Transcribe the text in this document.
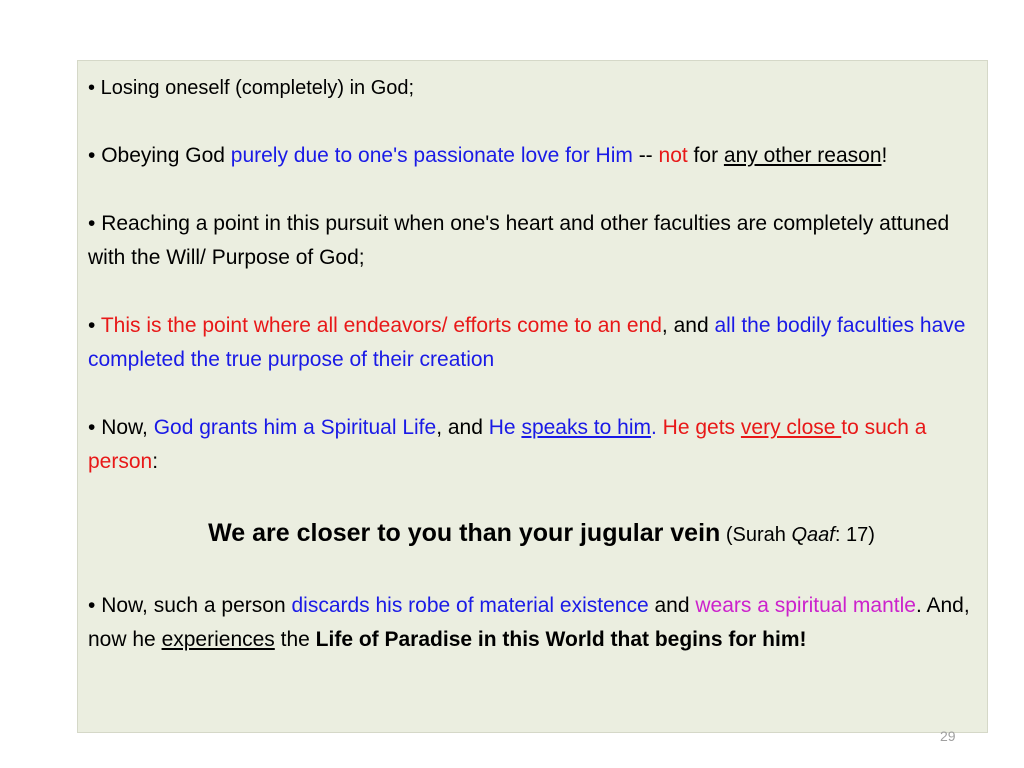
• Losing oneself (completely) in God;

• Obeying God purely due to one's passionate love for Him -- not for any other reason!

• Reaching a point in this pursuit when one's heart and other faculties are completely attuned with the Will/ Purpose of God;

• This is the point where all endeavors/ efforts come to an end, and all the bodily faculties have completed the true purpose of their creation

• Now, God grants him a Spiritual Life, and He speaks to him. He gets very close to such a person:

We are closer to you than your jugular vein (Surah Qaaf: 17)

• Now, such a person discards his robe of material existence and wears a spiritual mantle. And, now he experiences the Life of Paradise in this World that begins for him!

29
